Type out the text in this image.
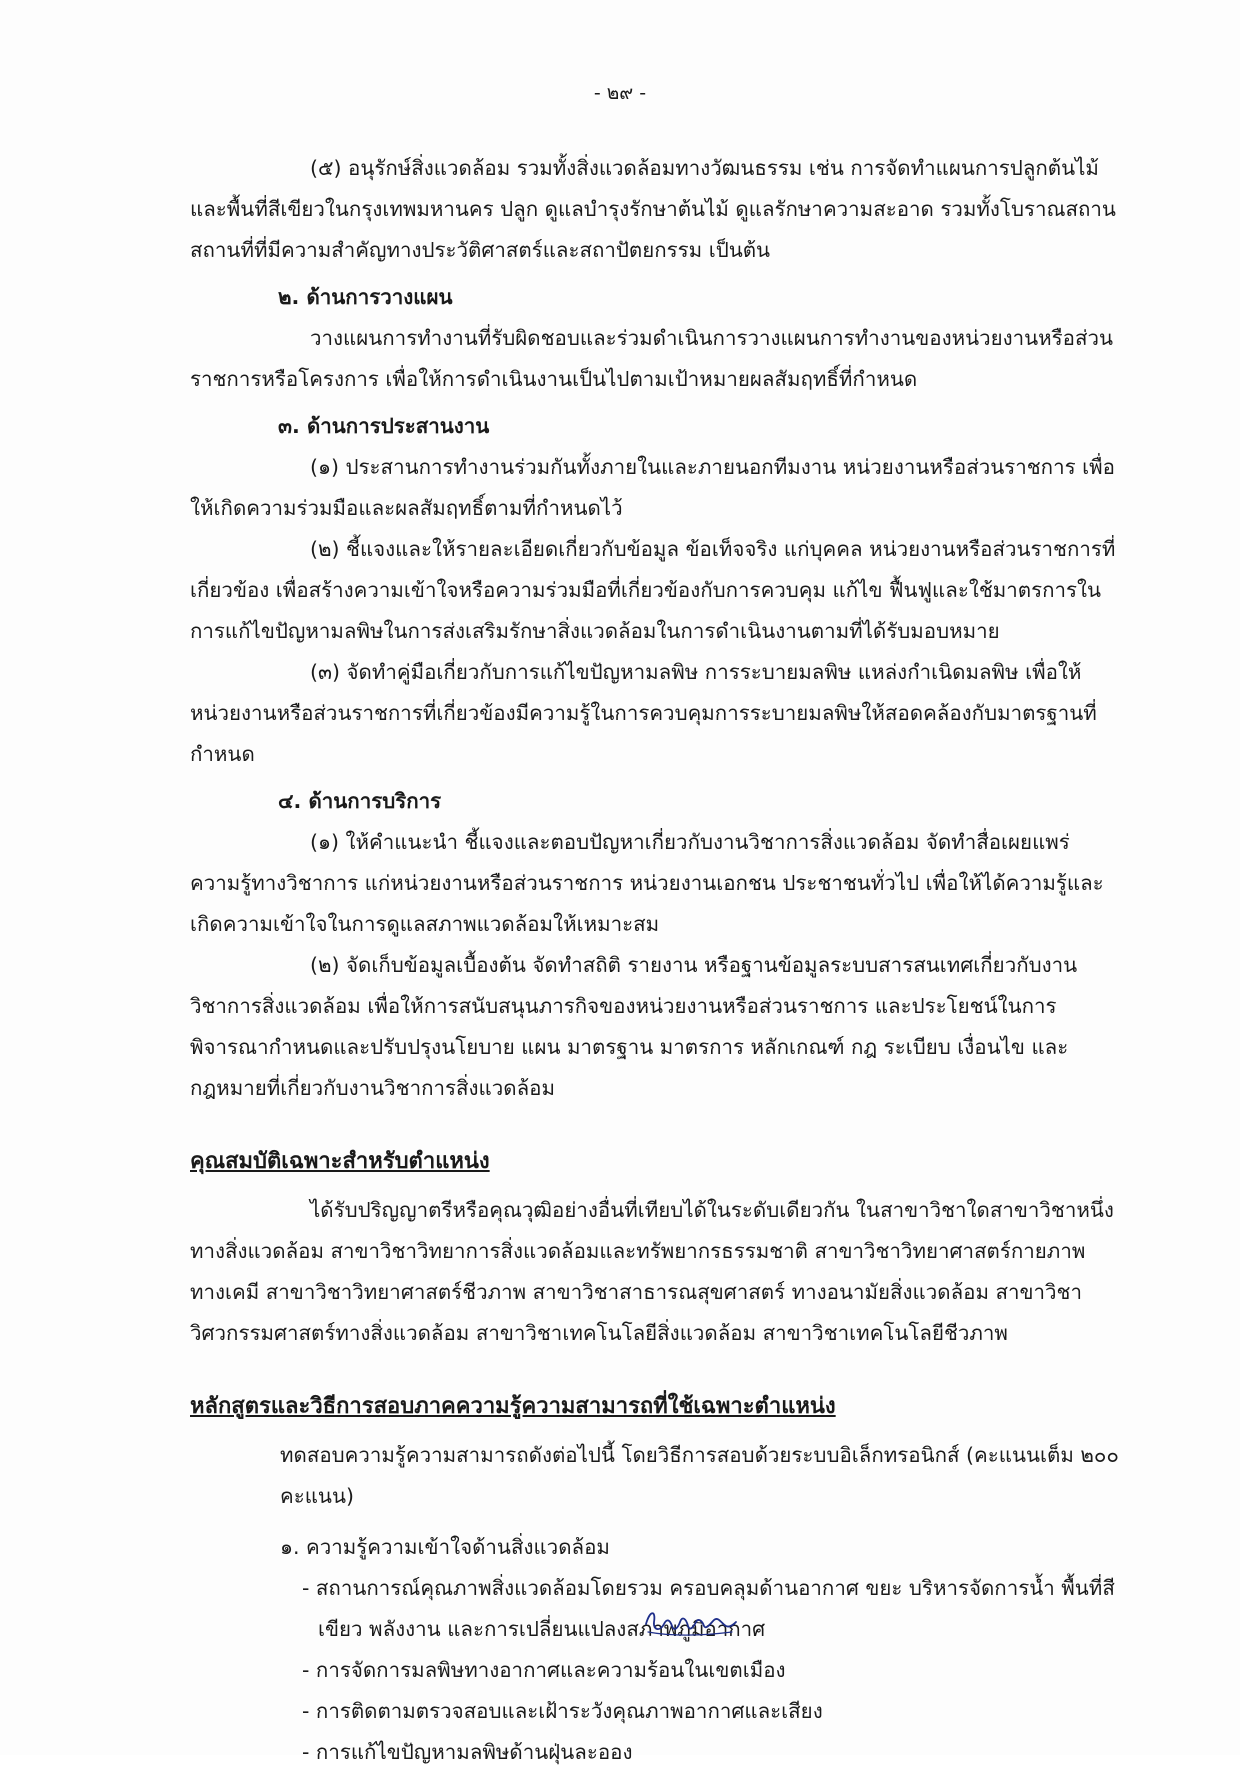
- ๒๙ -

(๕) อนุรักษ์สิ่งแวดล้อม รวมทั้งสิ่งแวดล้อมทางวัฒนธรรม เช่น การจัดทำแผนการปลูกต้นไม้และพื้นที่สีเขียวในกรุงเทพมหานคร ปลูก ดูแลบำรุงรักษาต้นไม้ ดูแลรักษาความสะอาด รวมทั้งโบราณสถาน สถานที่ที่มีความสำคัญทางประวัติศาสตร์และสถาปัตยกรรม เป็นต้น

๒. ด้านการวางแผน

วางแผนการทำงานที่รับผิดชอบและร่วมดำเนินการวางแผนการทำงานของหน่วยงานหรือส่วนราชการหรือโครงการ เพื่อให้การดำเนินงานเป็นไปตามเป้าหมายผลสัมฤทธิ์ที่กำหนด

๓. ด้านการประสานงาน

(๑) ประสานการทำงานร่วมกันทั้งภายในและภายนอกทีมงาน หน่วยงานหรือส่วนราชการ เพื่อให้เกิดความร่วมมือและผลสัมฤทธิ์ตามที่กำหนดไว้

(๒) ชี้แจงและให้รายละเอียดเกี่ยวกับข้อมูล ข้อเท็จจริง แก่บุคคล หน่วยงานหรือส่วนราชการที่เกี่ยวข้อง เพื่อสร้างความเข้าใจหรือความร่วมมือที่เกี่ยวข้องกับการควบคุม แก้ไข ฟื้นฟูและใช้มาตรการในการแก้ไขปัญหามลพิษในการส่งเสริมรักษาสิ่งแวดล้อมในการดำเนินงานตามที่ได้รับมอบหมาย

(๓) จัดทำคู่มือเกี่ยวกับการแก้ไขปัญหามลพิษ การระบายมลพิษ แหล่งกำเนิดมลพิษ เพื่อให้หน่วยงานหรือส่วนราชการที่เกี่ยวข้องมีความรู้ในการควบคุมการระบายมลพิษให้สอดคล้องกับมาตรฐานที่กำหนด

๔. ด้านการบริการ

(๑) ให้คำแนะนำ ชี้แจงและตอบปัญหาเกี่ยวกับงานวิชาการสิ่งแวดล้อม จัดทำสื่อเผยแพร่ความรู้ทางวิชาการ แก่หน่วยงานหรือส่วนราชการ หน่วยงานเอกชน ประชาชนทั่วไป เพื่อให้ได้ความรู้และเกิดความเข้าใจในการดูแลสภาพแวดล้อมให้เหมาะสม

(๒) จัดเก็บข้อมูลเบื้องต้น จัดทำสถิติ รายงาน หรือฐานข้อมูลระบบสารสนเทศเกี่ยวกับงานวิชาการสิ่งแวดล้อม เพื่อให้การสนับสนุนภารกิจของหน่วยงานหรือส่วนราชการ และประโยชน์ในการพิจารณากำหนดและปรับปรุงนโยบาย แผน มาตรฐาน มาตรการ หลักเกณฑ์ กฎ ระเบียบ เงื่อนไข และกฎหมายที่เกี่ยวกับงานวิชาการสิ่งแวดล้อม

คุณสมบัติเฉพาะสำหรับตำแหน่ง

ได้รับปริญญาตรีหรือคุณวุฒิอย่างอื่นที่เทียบได้ในระดับเดียวกัน ในสาขาวิชาใดสาขาวิชาหนึ่งทางสิ่งแวดล้อม สาขาวิชาวิทยาการสิ่งแวดล้อมและทรัพยากรธรรมชาติ สาขาวิชาวิทยาศาสตร์กายภาพ ทางเคมี สาขาวิชาวิทยาศาสตร์ชีวภาพ สาขาวิชาสาธารณสุขศาสตร์ ทางอนามัยสิ่งแวดล้อม สาขาวิชาวิศวกรรมศาสตร์ทางสิ่งแวดล้อม สาขาวิชาเทคโนโลยีสิ่งแวดล้อม สาขาวิชาเทคโนโลยีชีวภาพ

หลักสูตรและวิธีการสอบภาคความรู้ความสามารถที่ใช้เฉพาะตำแหน่ง

ทดสอบความรู้ความสามารถดังต่อไปนี้ โดยวิธีการสอบด้วยระบบอิเล็กทรอนิกส์ (คะแนนเต็ม ๒๐๐ คะแนน)

๑. ความรู้ความเข้าใจด้านสิ่งแวดล้อม

- สถานการณ์คุณภาพสิ่งแวดล้อมโดยรวม ครอบคลุมด้านอากาศ ขยะ บริหารจัดการน้ำ พื้นที่สีเขียว พลังงาน และการเปลี่ยนแปลงสภาพภูมิอากาศ
- การจัดการมลพิษทางอากาศและความร้อนในเขตเมือง
- การติดตามตรวจสอบและเฝ้าระวังคุณภาพอากาศและเสียง
- การแก้ไขปัญหามลพิษด้านฝุ่นละออง
